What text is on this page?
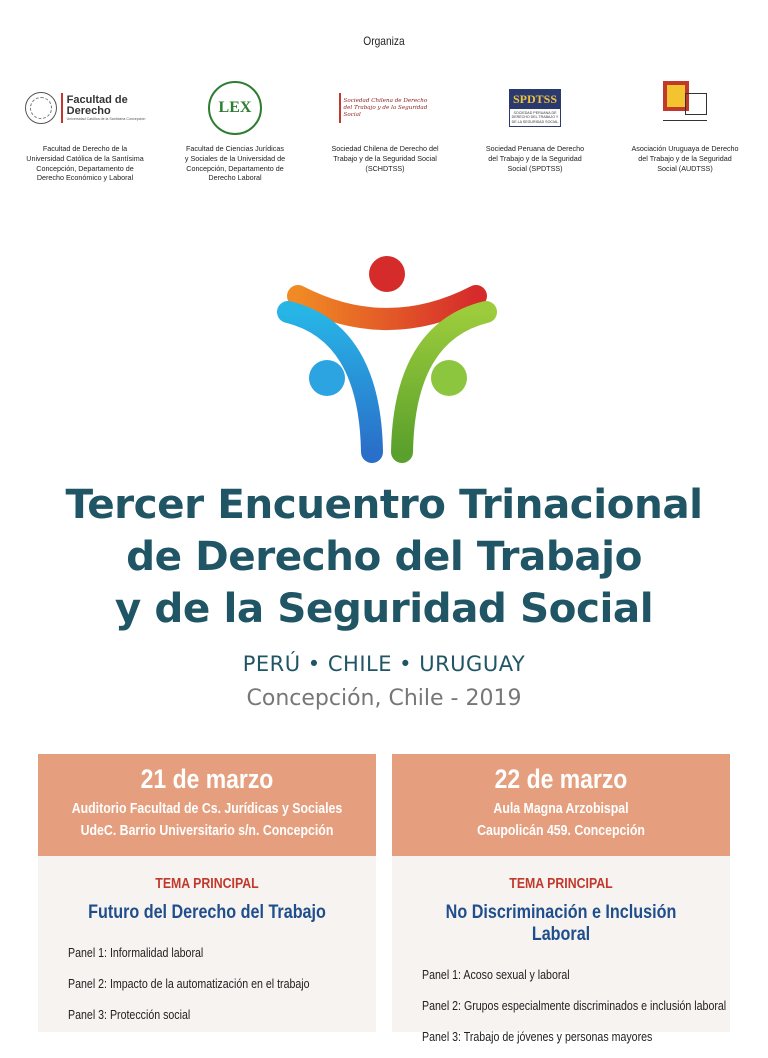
Organiza
Facultad de Derecho
Universidad Católica de la Santísima Concepción
Facultad de Derecho de la
Universidad Católica de la Santísima
Concepción, Departamento de
Derecho Económico y Laboral
LEX
Facultad de Ciencias Jurídicas
y Sociales de la Universidad de
Concepción, Departamento de
Derecho Laboral
Sociedad Chilena de Derecho del Trabajo y de la Seguridad Social
Sociedad Chilena de Derecho del
Trabajo y de la Seguridad Social
(SCHDTSS)
SPDTSS
SOCIEDAD PERUANA DE DERECHO DEL TRABAJO Y DE LA SEGURIDAD SOCIAL
Sociedad Peruana de Derecho
del Trabajo y de la Seguridad
Social (SPDTSS)
Asociación Uruguaya de Derecho
del Trabajo y de la Seguridad
Social (AUDTSS)
Tercer Encuentro Trinacional
de Derecho del Trabajo
y de la Seguridad Social
PERÚ • CHILE • URUGUAY
Concepción, Chile - 2019
21 de marzo
Auditorio Facultad de Cs. Jurídicas y Sociales
UdeC. Barrio Universitario s/n. Concepción
TEMA PRINCIPAL
Futuro del Derecho del Trabajo
Panel 1: Informalidad laboral
Panel 2: Impacto de la automatización en el trabajo
Panel 3: Protección social
22 de marzo
Aula Magna Arzobispal
Caupolicán 459. Concepción
TEMA PRINCIPAL
No Discriminación e Inclusión Laboral
Panel 1: Acoso sexual y laboral
Panel 2: Grupos especialmente discriminados e inclusión laboral
Panel 3: Trabajo de jóvenes y personas mayores
